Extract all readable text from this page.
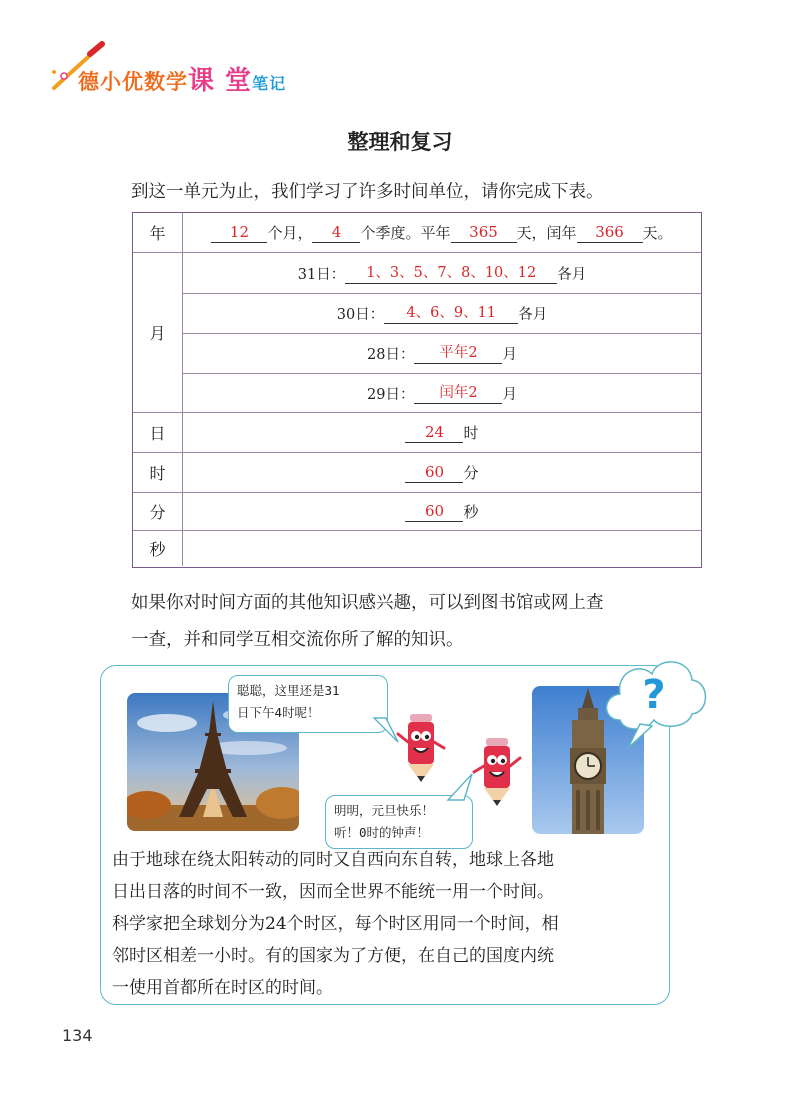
德小优数学课 堂笔记
整理和复习
到这一单元为止，我们学习了许多时间单位，请你完成下表。
年	12	个月，	4	个季度。平年	365	天，闰年	366	天。
月
31日：	1、3、5、7、8、10、12	各月
30日：	4、6、9、11	各月
28日：	平年2	月
29日：	闰年2	月
日	24	时
时	60	分
分	60	秒
秒
如果你对时间方面的其他知识感兴趣，可以到图书馆或网上查
一查，并和同学互相交流你所了解的知识。
?
聪聪，这里还是31
日下午4时呢！
明明，元旦快乐！
听！0时的钟声！
由于地球在绕太阳转动的同时又自西向东自转，地球上各地
日出日落的时间不一致，因而全世界不能统一用一个时间。
科学家把全球划分为24个时区，每个时区用同一个时间，相
邻时区相差一小时。有的国家为了方便，在自己的国度内统
一使用首都所在时区的时间。
134
